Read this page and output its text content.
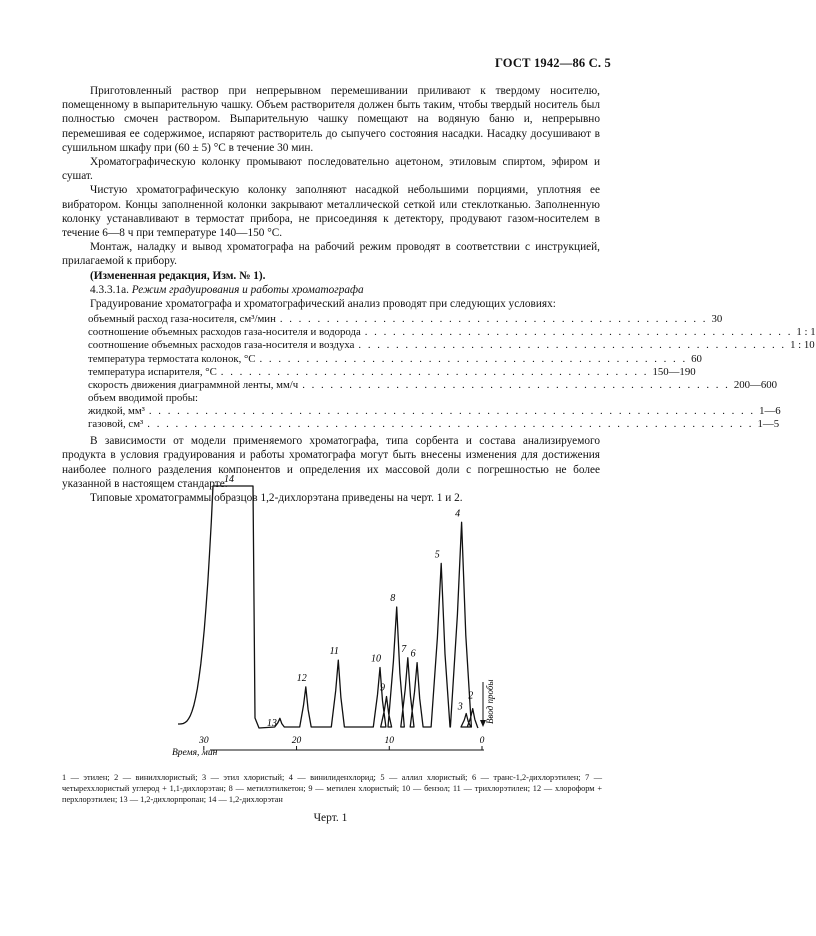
ГОСТ 1942—86 С. 5

Приготовленный раствор при непрерывном перемешивании приливают к твердому носителю, помещенному в выпарительную чашку. Объем растворителя должен быть таким, чтобы твердый носитель был полностью смочен раствором. Выпарительную чашку помещают на водяную баню и, непрерывно перемешивая ее содержимое, испаряют растворитель до сыпучего состояния насадки. Насадку досушивают в сушильном шкафу при (60 ± 5) °С в течение 30 мин.

Хроматографическую колонку промывают последовательно ацетоном, этиловым спиртом, эфиром и сушат.

Чистую хроматографическую колонку заполняют насадкой небольшими порциями, уплотняя ее вибратором. Концы заполненной колонки закрывают металлической сеткой или стеклотканью. Заполненную колонку устанавливают в термостат прибора, не присоединяя к детектору, продувают газом-носителем в течение 6—8 ч при температуре 140—150 °С.

Монтаж, наладку и вывод хроматографа на рабочий режим проводят в соответствии с инструкцией, прилагаемой к прибору.

(Измененная редакция, Изм. № 1).

4.3.3.1а. Режим градуирования и работы хроматографа

Градуирование хроматографа и хроматографический анализ проводят при следующих условиях:

объемный расход газа-носителя, см³/мин . . . . . . . . . . . . . . . . . . . . . . . . . . . . . . . . . . . . . . . . . . . . . . 30
соотношение объемных расходов газа-носителя и водорода . . . . . . . . . . . . . . . . . . . . . . . . . . . . . . . . . . . . . . . . . . . . . . 1 : 1
соотношение объемных расходов газа-носителя и воздуха . . . . . . . . . . . . . . . . . . . . . . . . . . . . . . . . . . . . . . . . . . . . . . 1 : 10
температура термостата колонок, °С . . . . . . . . . . . . . . . . . . . . . . . . . . . . . . . . . . . . . . . . . . . . . . 60
температура испарителя, °С . . . . . . . . . . . . . . . . . . . . . . . . . . . . . . . . . . . . . . . . . . . . . . 150—190
скорость движения диаграммной ленты, мм/ч . . . . . . . . . . . . . . . . . . . . . . . . . . . . . . . . . . . . . . . . . . . . . . 200—600
объем вводимой пробы:
жидкой, мм³ . . . . . . . . . . . . . . . . . . . . . . . . . . . . . . . . . . . . . . . . . . . . . . . . . . . . . . . . . . . . . . . . . 1—6
газовой, см³ . . . . . . . . . . . . . . . . . . . . . . . . . . . . . . . . . . . . . . . . . . . . . . . . . . . . . . . . . . . . . . . . . 1—5

В зависимости от модели применяемого хроматографа, типа сорбента и состава анализируемого продукта в условия градуирования и работы хроматографа могут быть внесены изменения для достижения наиболее полного разделения компонентов и определения их массовой доли с погрешностью не более указанной в настоящем стандарте.

Типовые хроматограммы образцов 1,2-дихлорэтана приведены на черт. 1 и 2.

Время, мин
30	20	10	0
14
13
12
11
10
9
8
7 6
5
4
3
2 Ввод пробы
1 — этилен; 2 — винилхлористый; 3 — этил хлористый; 4 — винилиденхлорид; 5 — аллил хлористый; 6 — транс-1,2-дихлорэтилен; 7 — четыреххлористый углерод + 1,1-дихлорэтан; 8 — метилэтилкетон; 9 — метилен хлористый; 10 — бензол; 11 — трихлорэтилен; 12 — хлороформ + перхлорэтилен; 13 — 1,2-дихлорпропан; 14 — 1,2-дихлорэтан
Черт. 1
